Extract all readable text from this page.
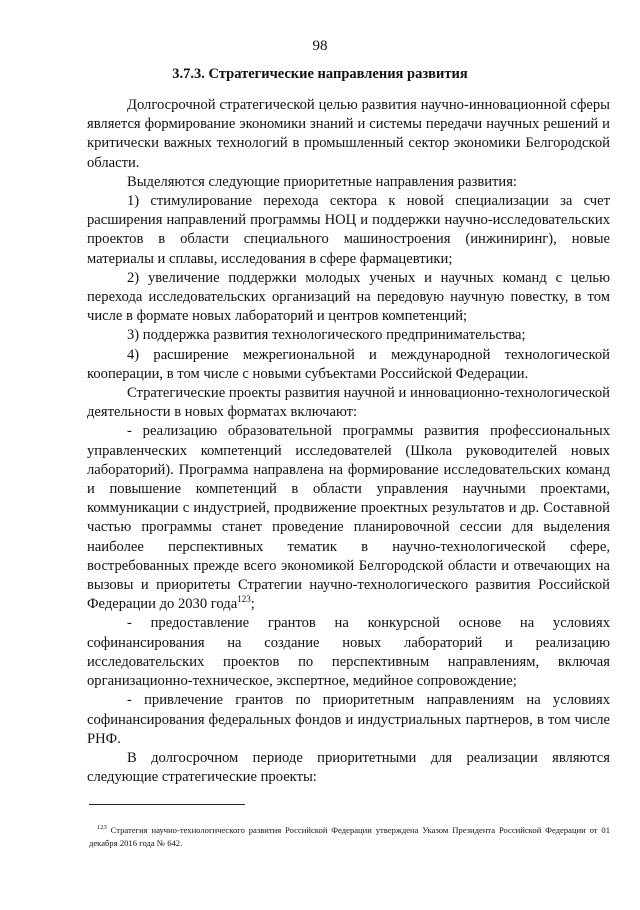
98
3.7.3. Стратегические направления развития

Долгосрочной стратегической целью развития научно-инновационной сферы является формирование экономики знаний и системы передачи научных решений и критически важных технологий в промышленный сектор экономики Белгородской области.

Выделяются следующие приоритетные направления развития:

1) стимулирование перехода сектора к новой специализации за счет расширения направлений программы НОЦ и поддержки научно-исследовательских проектов в области специального машиностроения (инжиниринг), новые материалы и сплавы, исследования в сфере фармацевтики;

2) увеличение поддержки молодых ученых и научных команд с целью перехода исследовательских организаций на передовую научную повестку, в том числе в формате новых лабораторий и центров компетенций;

3) поддержка развития технологического предпринимательства;

4) расширение межрегиональной и международной технологической кооперации, в том числе с новыми субъектами Российской Федерации.

Стратегические проекты развития научной и инновационно-технологической деятельности в новых форматах включают:

- реализацию образовательной программы развития профессиональных управленческих компетенций исследователей (Школа руководителей новых лабораторий). Программа направлена на формирование исследовательских команд и повышение компетенций в области управления научными проектами, коммуникации с индустрией, продвижение проектных результатов и др. Составной частью программы станет проведение планировочной сессии для выделения наиболее перспективных тематик в научно-технологической сфере, востребованных прежде всего экономикой Белгородской области и отвечающих на вызовы и приоритеты Стратегии научно-технологического развития Российской Федерации до 2030 года$^{123}$;

- предоставление грантов на конкурсной основе на условиях софинансирования на создание новых лабораторий и реализацию исследовательских проектов по перспективным направлениям, включая организационно-техническое, экспертное, медийное сопровождение;

- привлечение грантов по приоритетным направлениям на условиях софинансирования федеральных фондов и индустриальных партнеров, в том числе РНФ.

В долгосрочном периоде приоритетными для реализации являются следующие стратегические проекты:

$^{123}$ Стратегия научно-технологического развития Российской Федерации утверждена Указом Президента Российской Федерации от 01 декабря 2016 года № 642.
